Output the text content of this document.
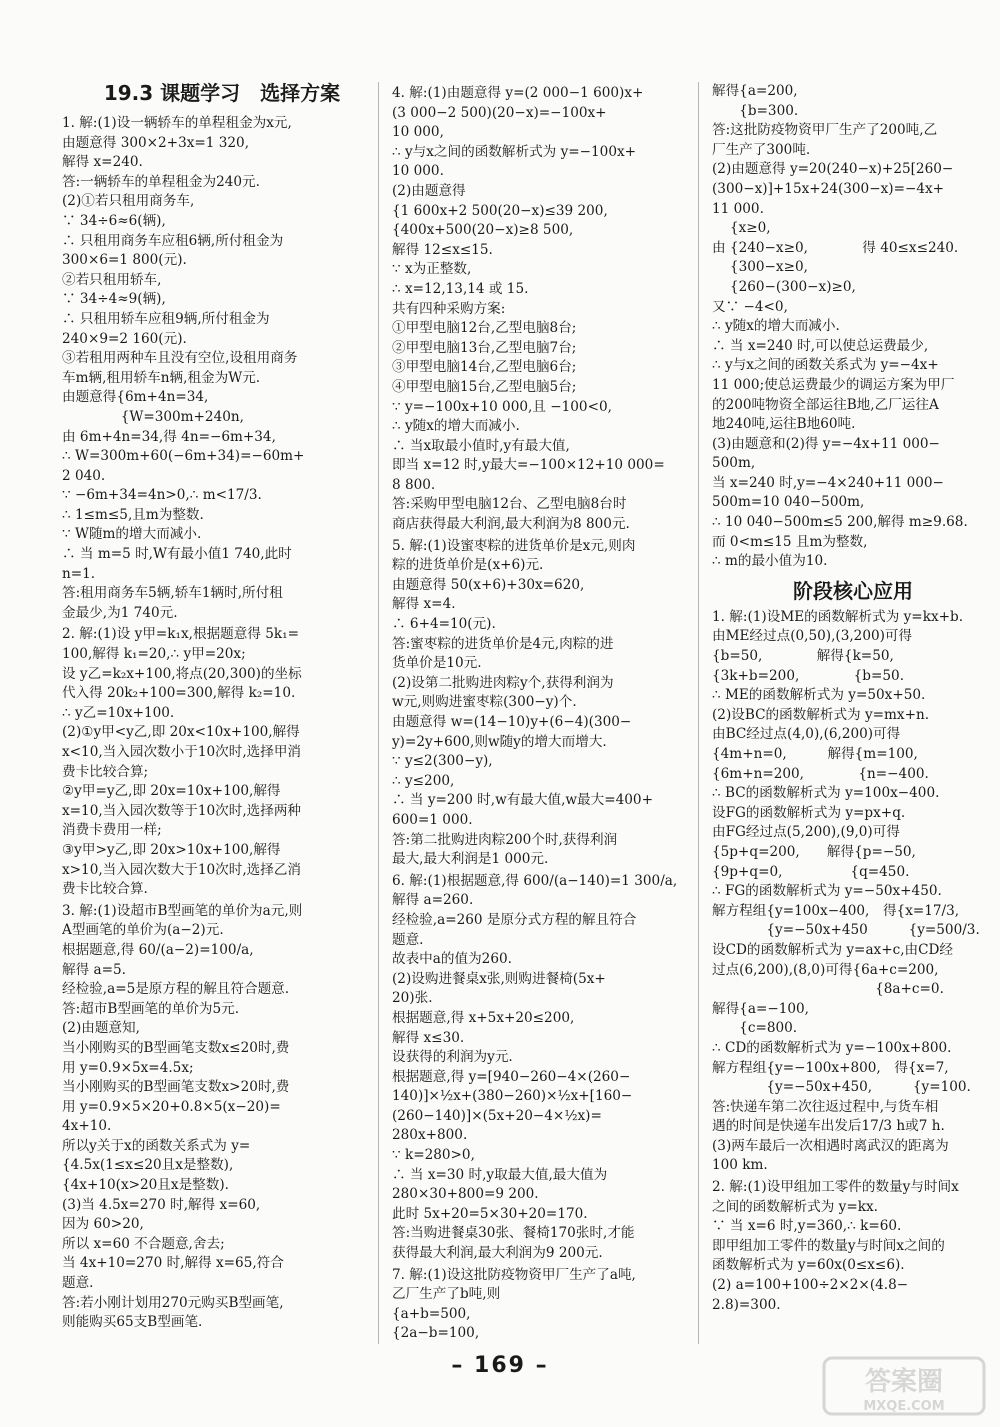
19.3 课题学习　选择方案
1. 解:(1)设一辆轿车的单程租金为x元,
由题意得 300×2+3x=1 320,
解得 x=240.
答:一辆轿车的单程租金为240元.
(2)①若只租用商务车,
∵ 34÷6≈6(辆),
∴ 只租用商务车应租6辆,所付租金为
300×6=1 800(元).
②若只租用轿车,
∵ 34÷4≈9(辆),
∴ 只租用轿车应租9辆,所付租金为
240×9=2 160(元).
③若租用两种车且没有空位,设租用商务
车m辆,租用轿车n辆,租金为W元.
由题意得{6m+4n=34,
　　　　 {W=300m+240n,
由 6m+4n=34,得 4n=−6m+34,
∴ W=300m+60(−6m+34)=−60m+
2 040.
∵ −6m+34=4n>0,∴ m<17/3.
∴ 1≤m≤5,且m为整数.
∵ W随m的增大而减小.
∴ 当 m=5 时,W有最小值1 740,此时
n=1.
答:租用商务车5辆,轿车1辆时,所付租
金最少,为1 740元.
2. 解:(1)设 y甲=k₁x,根据题意得 5k₁=
100,解得 k₁=20,∴ y甲=20x;
设 y乙=k₂x+100,将点(20,300)的坐标
代入得 20k₂+100=300,解得 k₂=10.
∴ y乙=10x+100.
(2)①y甲<y乙,即 20x<10x+100,解得
x<10,当入园次数小于10次时,选择甲消
费卡比较合算;
②y甲=y乙,即 20x=10x+100,解得
x=10,当入园次数等于10次时,选择两种
消费卡费用一样;
③y甲>y乙,即 20x>10x+100,解得
x>10,当入园次数大于10次时,选择乙消
费卡比较合算.
3. 解:(1)设超市B型画笔的单价为a元,则
A型画笔的单价为(a−2)元.
根据题意,得 60/(a−2)=100/a,
解得 a=5.
经检验,a=5是原方程的解且符合题意.
答:超市B型画笔的单价为5元.
(2)由题意知,
当小刚购买的B型画笔支数x≤20时,费
用 y=0.9×5x=4.5x;
当小刚购买的B型画笔支数x>20时,费
用 y=0.9×5×20+0.8×5(x−20)=
4x+10.
所以y关于x的函数关系式为 y=
{4.5x(1≤x≤20且x是整数),
{4x+10(x>20且x是整数).
(3)当 4.5x=270 时,解得 x=60,
因为 60>20,
所以 x=60 不合题意,舍去;
当 4x+10=270 时,解得 x=65,符合
题意.
答:若小刚计划用270元购买B型画笔,
则能购买65支B型画笔.
4. 解:(1)由题意得 y=(2 000−1 600)x+
(3 000−2 500)(20−x)=−100x+
10 000,
∴ y与x之间的函数解析式为 y=−100x+
10 000.
(2)由题意得
{1 600x+2 500(20−x)≤39 200,
{400x+500(20−x)≥8 500,
解得 12≤x≤15.
∵ x为正整数,
∴ x=12,13,14 或 15.
共有四种采购方案:
①甲型电脑12台,乙型电脑8台;
②甲型电脑13台,乙型电脑7台;
③甲型电脑14台,乙型电脑6台;
④甲型电脑15台,乙型电脑5台;
∵ y=−100x+10 000,且 −100<0,
∴ y随x的增大而减小.
∴ 当x取最小值时,y有最大值,
即当 x=12 时,y最大=−100×12+10 000=
8 800.
答:采购甲型电脑12台、乙型电脑8台时
商店获得最大利润,最大利润为8 800元.
5. 解:(1)设蜜枣粽的进货单价是x元,则肉
粽的进货单价是(x+6)元.
由题意得 50(x+6)+30x=620,
解得 x=4.
∴ 6+4=10(元).
答:蜜枣粽的进货单价是4元,肉粽的进
货单价是10元.
(2)设第二批购进肉粽y个,获得利润为
w元,则购进蜜枣粽(300−y)个.
由题意得 w=(14−10)y+(6−4)(300−
y)=2y+600,则w随y的增大而增大.
∵ y≤2(300−y),
∴ y≤200,
∴ 当 y=200 时,w有最大值,w最大=400+
600=1 000.
答:第二批购进肉粽200个时,获得利润
最大,最大利润是1 000元.
6. 解:(1)根据题意,得 600/(a−140)=1 300/a,
解得 a=260.
经检验,a=260 是原分式方程的解且符合
题意.
故表中a的值为260.
(2)设购进餐桌x张,则购进餐椅(5x+
20)张.
根据题意,得 x+5x+20≤200,
解得 x≤30.
设获得的利润为y元.
根据题意,得 y=[940−260−4×(260−
140)]×½x+(380−260)×½x+[160−
(260−140)]×(5x+20−4×½x)=
280x+800.
∵ k=280>0,
∴ 当 x=30 时,y取最大值,最大值为
280×30+800=9 200.
此时 5x+20=5×30+20=170.
答:当购进餐桌30张、餐椅170张时,才能
获得最大利润,最大利润为9 200元.
7. 解:(1)设这批防疫物资甲厂生产了a吨,
乙厂生产了b吨,则
{a+b=500,
{2a−b=100,
解得{a=200,
　　{b=300.
答:这批防疫物资甲厂生产了200吨,乙
厂生产了300吨.
(2)由题意得 y=20(240−x)+25[260−
(300−x)]+15x+24(300−x)=−4x+
11 000.
　 {x≥0,
由 {240−x≥0,　　　　得 40≤x≤240.
　 {300−x≥0,
　 {260−(300−x)≥0,
又∵ −4<0,
∴ y随x的增大而减小.
∴ 当 x=240 时,可以使总运费最少,
∴ y与x之间的函数关系式为 y=−4x+
11 000;使总运费最少的调运方案为甲厂
的200吨物资全部运往B地,乙厂运往A
地240吨,运往B地60吨.
(3)由题意和(2)得 y=−4x+11 000−
500m,
当 x=240 时,y=−4×240+11 000−
500m=10 040−500m,
∴ 10 040−500m≤5 200,解得 m≥9.68.
而 0<m≤15 且m为整数,
∴ m的最小值为10.
阶段核心应用
1. 解:(1)设ME的函数解析式为 y=kx+b.
由ME经过点(0,50),(3,200)可得
{b=50,　　　　解得{k=50,
{3k+b=200,　　　　{b=50.
∴ ME的函数解析式为 y=50x+50.
(2)设BC的函数解析式为 y=mx+n.
由BC经过点(4,0),(6,200)可得
{4m+n=0,　　　解得{m=100,
{6m+n=200,　　　　{n=−400.
∴ BC的函数解析式为 y=100x−400.
设FG的函数解析式为 y=px+q.
由FG经过点(5,200),(9,0)可得
{5p+q=200,　　解得{p=−50,
{9p+q=0,　　　　　{q=450.
∴ FG的函数解析式为 y=−50x+450.
解方程组{y=100x−400,　得{x=17/3,
　　　　{y=−50x+450　　　{y=500/3.
设CD的函数解析式为 y=ax+c,由CD经
过点(6,200),(8,0)可得{6a+c=200,
　　　　　　　　　　　　{8a+c=0.
解得{a=−100,
　　{c=800.
∴ CD的函数解析式为 y=−100x+800.
解方程组{y=−100x+800,　得{x=7,
　　　　{y=−50x+450,　　　{y=100.
答:快递车第二次往返过程中,与货车相
遇的时间是快递车出发后17/3 h或7 h.
(3)两车最后一次相遇时离武汉的距离为
100 km.
2. 解:(1)设甲组加工零件的数量y与时间x
之间的函数解析式为 y=kx.
∵ 当 x=6 时,y=360,∴ k=60.
即甲组加工零件的数量y与时间x之间的
函数解析式为 y=60x(0≤x≤6).
(2) a=100+100÷2×2×(4.8−
2.8)=300.
– 169 –
答案圈
MXQE.COM
